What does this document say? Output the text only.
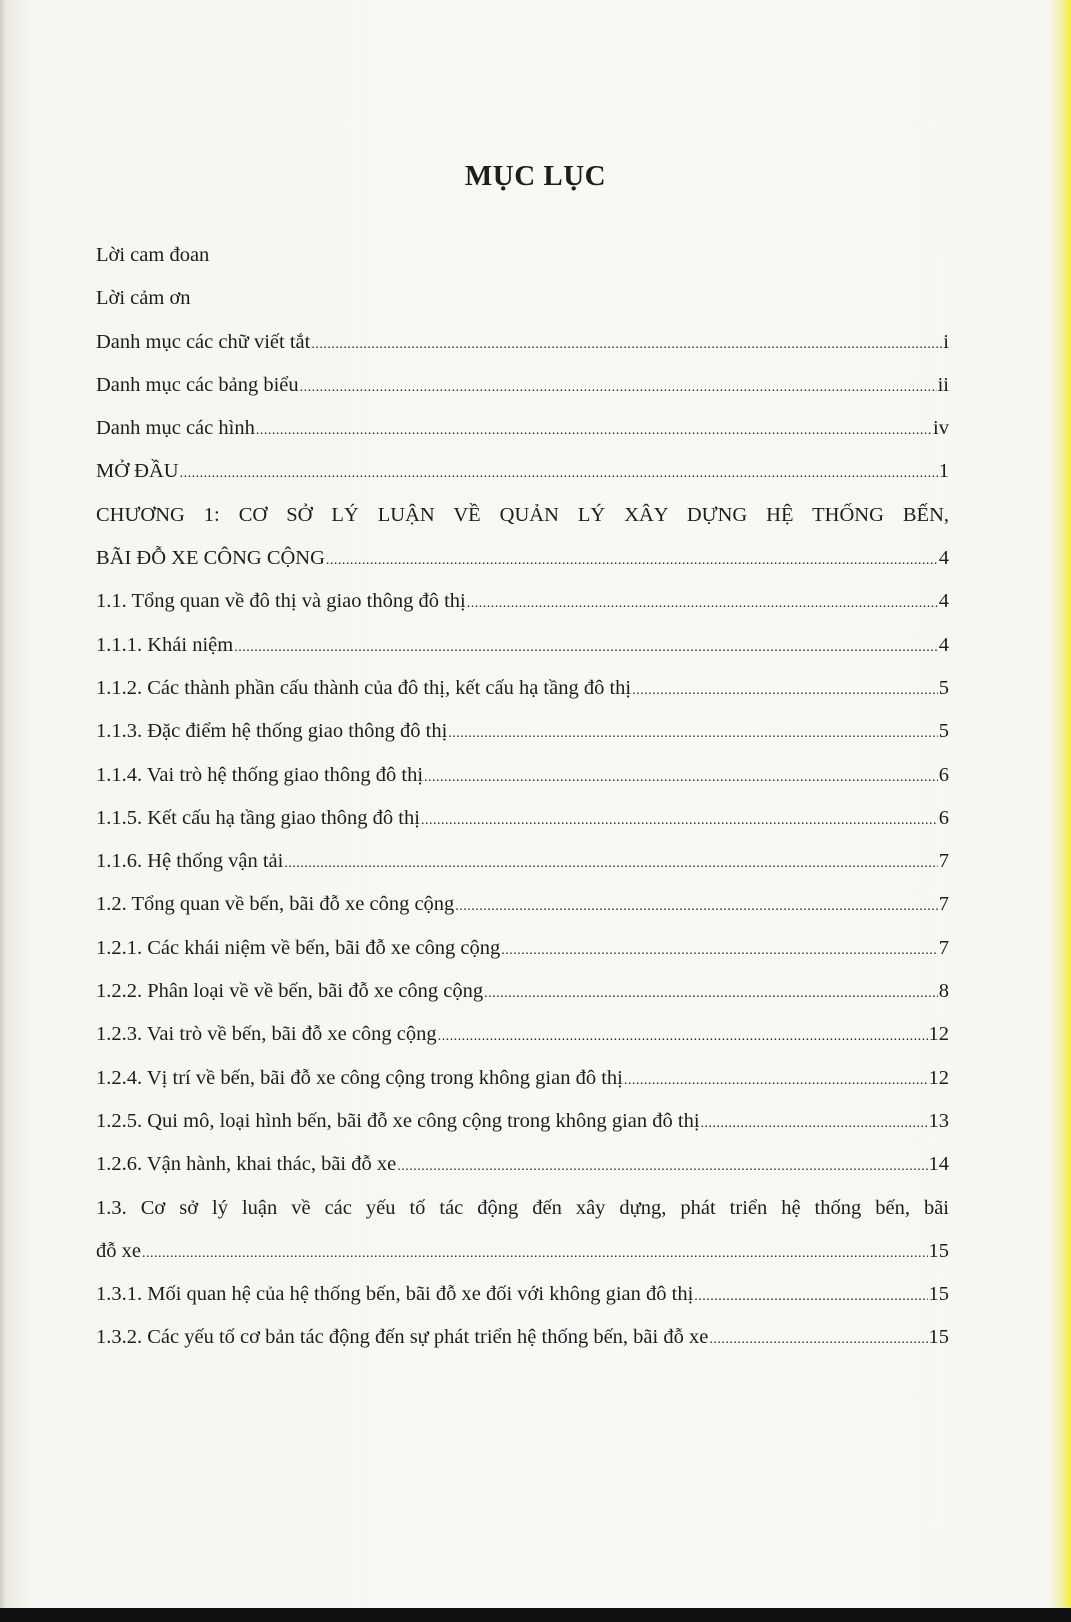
MỤC LỤC
Lời cam đoan
Lời cảm ơn
Danh mục các chữ viết tắt .....	i
Danh mục các bảng biểu .....	ii
Danh mục các hình .....	iv
MỞ ĐẦU .....	1
CHƯƠNG 1: CƠ SỞ LÝ LUẬN VỀ QUẢN LÝ XÂY DỰNG HỆ THỐNG BẾN,
BÃI ĐỖ XE CÔNG CỘNG .....	4
1.1. Tổng quan về đô thị và giao thông đô thị .....	4
1.1.1. Khái niệm .....	4
1.1.2. Các thành phần cấu thành của đô thị, kết cấu hạ tầng đô thị .....	5
1.1.3. Đặc điểm hệ thống giao thông đô thị .....	5
1.1.4. Vai trò hệ thống giao thông đô thị .....	6
1.1.5. Kết cấu hạ tầng giao thông đô thị .....	6
1.1.6. Hệ thống vận tải .....	7
1.2. Tổng quan về bến, bãi đỗ xe công cộng .....	7
1.2.1. Các khái niệm về bến, bãi đỗ xe công cộng .....	7
1.2.2. Phân loại về về bến, bãi đỗ xe công cộng .....	8
1.2.3. Vai trò về bến, bãi đỗ xe công cộng .....	12
1.2.4. Vị trí về bến, bãi đỗ xe công cộng trong không gian đô thị .....	12
1.2.5. Qui mô, loại hình bến, bãi đỗ xe công cộng trong không gian đô thị .....	13
1.2.6. Vận hành, khai thác, bãi đỗ xe .....	14
1.3. Cơ sở lý luận về các yếu tố tác động đến xây dựng, phát triển hệ thống bến, bãi
đỗ xe .....	15
1.3.1. Mối quan hệ của hệ thống bến, bãi đỗ xe đối với không gian đô thị .....	15
1.3.2. Các yếu tố cơ bản tác động đến sự phát triển hệ thống bến, bãi đỗ xe .....	15
